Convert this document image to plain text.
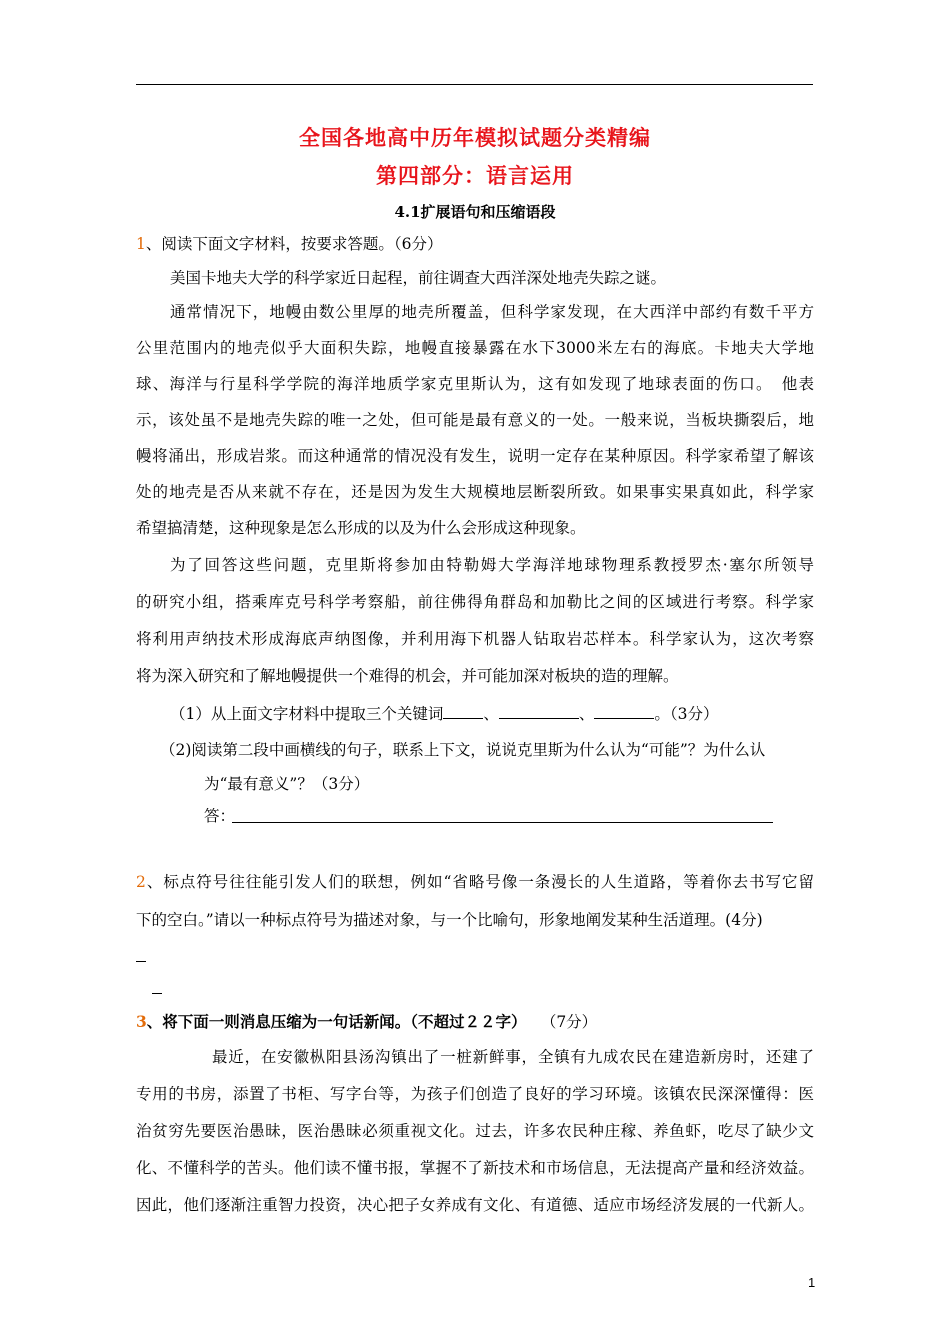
全国各地高中历年模拟试题分类精编
第四部分：语言运用
4.1扩展语句和压缩语段
1、阅读下面文字材料，按要求答题。（6分）
美国卡地夫大学的科学家近日起程，前往调查大西洋深处地壳失踪之谜。
通常情况下，地幔由数公里厚的地壳所覆盖，但科学家发现，在大西洋中部约有数千平方
公里范围内的地壳似乎大面积失踪，地幔直接暴露在水下3000米左右的海底。卡地夫大学地
球、海洋与行星科学学院的海洋地质学家克里斯认为，这有如发现了地球表面的伤口。　他表
示，该处虽不是地壳失踪的唯一之处，但可能是最有意义的一处。一般来说，当板块撕裂后，地
幔将涌出，形成岩浆。而这种通常的情况没有发生，说明一定存在某种原因。科学家希望了解该
处的地壳是否从来就不存在，还是因为发生大规模地层断裂所致。如果事实果真如此，科学家
希望搞清楚，这种现象是怎么形成的以及为什么会形成这种现象。
为了回答这些问题，克里斯将参加由特勒姆大学海洋地球物理系教授罗杰·塞尔所领导
的研究小组，搭乘库克号科学考察船，前往佛得角群岛和加勒比之间的区域进行考察。科学家
将利用声纳技术形成海底声纳图像，并利用海下机器人钻取岩芯样本。科学家认为，这次考察
将为深入研究和了解地幔提供一个难得的机会，并可能加深对板块的造的理解。
（1）从上面文字材料中提取三个关键词	、	、	。（3分）
（2)阅读第二段中画横线的句子，联系上下文，说说克里斯为什么认为“可能”？为什么认
为“最有意义”？（3分）
答：
2、标点符号往往能引发人们的联想，例如“省略号像一条漫长的人生道路，等着你去书写它留
下的空白。”请以一种标点符号为描述对象，与一个比喻句，形象地阐发某种生活道理。(4分)
3、将下面一则消息压缩为一句话新闻。（不超过２２字） （7分）
最近，在安徽枞阳县汤沟镇出了一桩新鲜事，全镇有九成农民在建造新房时，还建了
专用的书房，添置了书柜、写字台等，为孩子们创造了良好的学习环境。该镇农民深深懂得：医
治贫穷先要医治愚昧，医治愚昧必须重视文化。过去，许多农民种庄稼、养鱼虾，吃尽了缺少文
化、不懂科学的苦头。他们读不懂书报，掌握不了新技术和市场信息，无法提高产量和经济效益。
因此，他们逐渐注重智力投资，决心把子女养成有文化、有道德、适应市场经济发展的一代新人。
1
